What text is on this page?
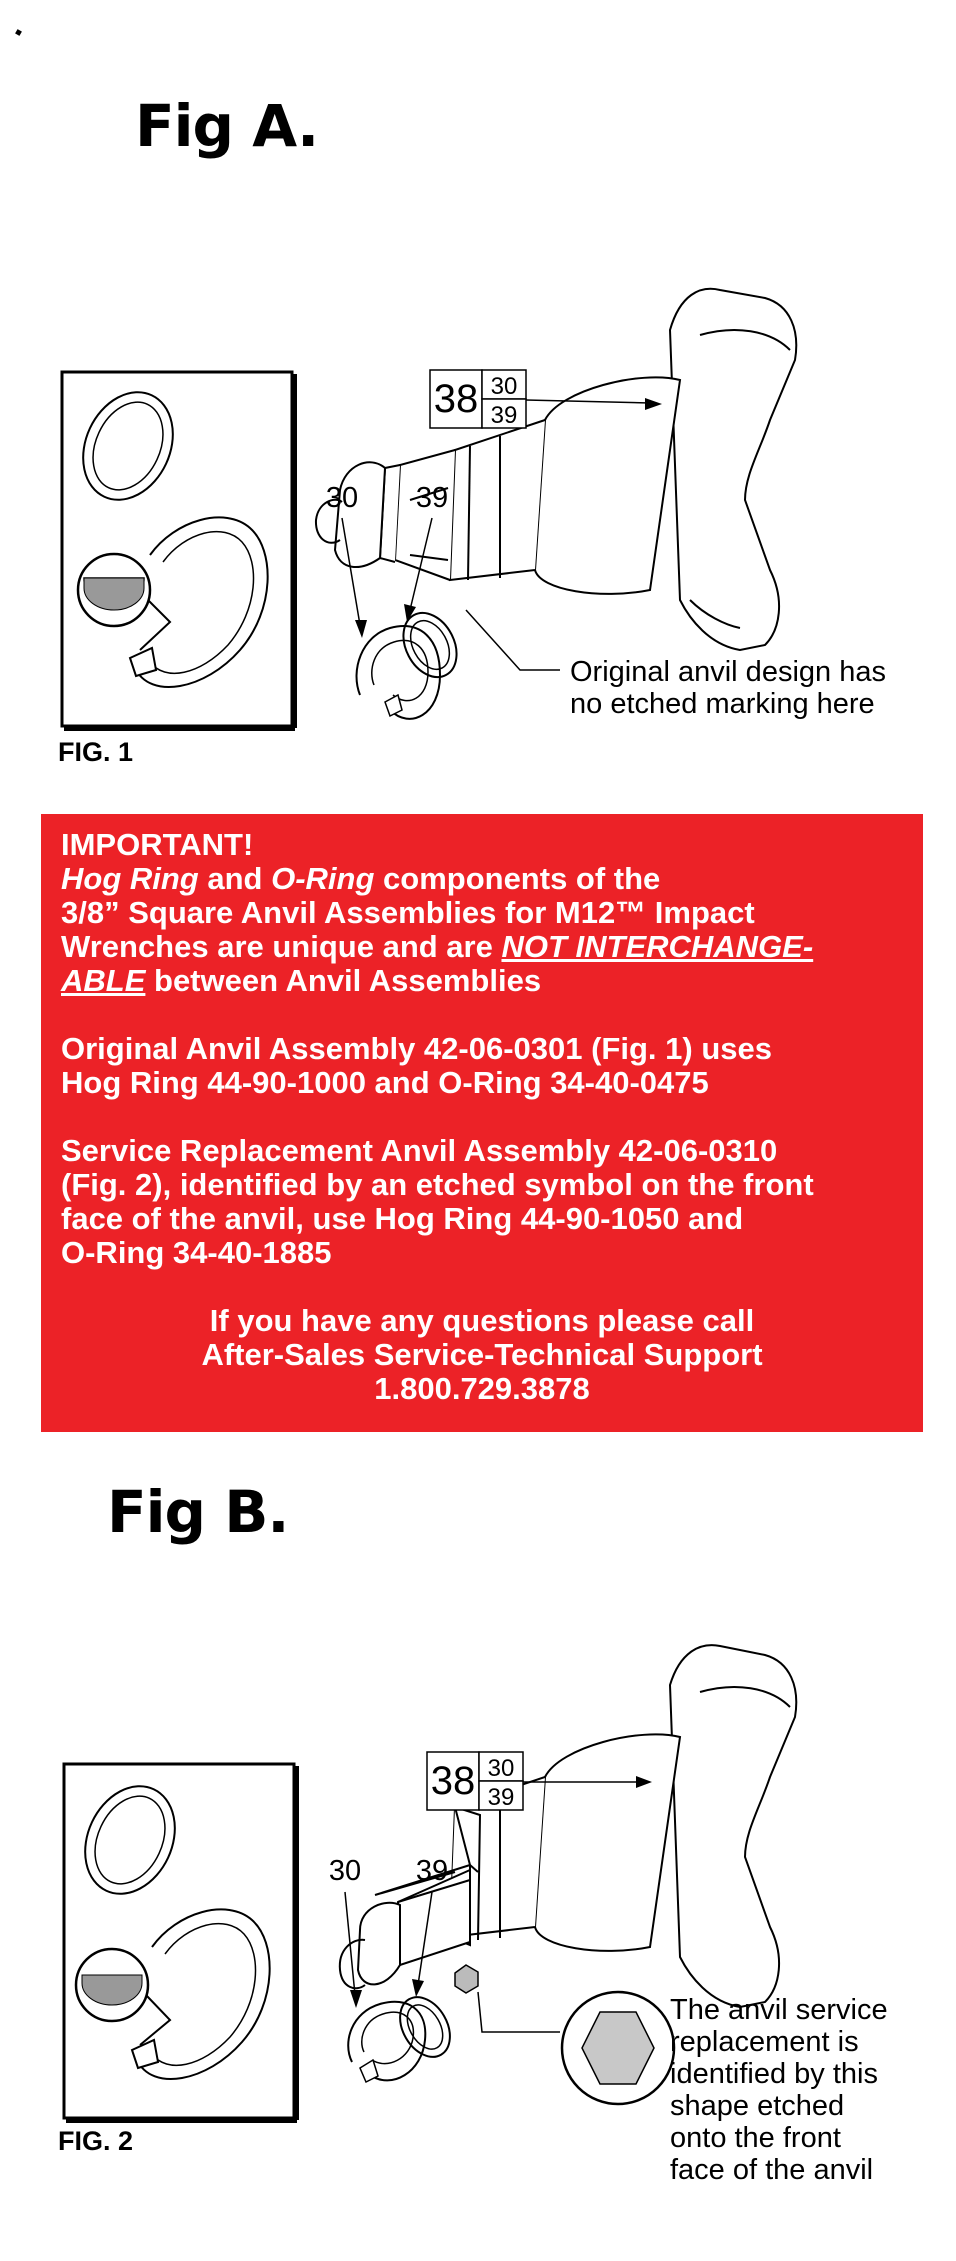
Fig A.
38 30
39
30 39
Original anvil design has
no etched marking here
FIG. 1

IMPORTANT!

Hog Ring and O-Ring components of the
3/8” Square Anvil Assemblies for M12™ Impact
Wrenches are unique and are NOT INTERCHANGE-
ABLE between Anvil Assemblies

Original Anvil Assembly 42-06-0301 (Fig. 1) uses
Hog Ring 44-90-1000 and O-Ring 34-40-0475

Service Replacement Anvil Assembly 42-06-0310
(Fig. 2), identified by an etched symbol on the front
face of the anvil, use Hog Ring 44-90-1050 and
O-Ring 34-40-1885

If you have any questions please call
After-Sales Service-Technical Support
1.800.729.3878

Fig B.
38 30
39
30 39
The anvil service
replacement is
identified by this
shape etched
onto the front
face of the anvil
FIG. 2
